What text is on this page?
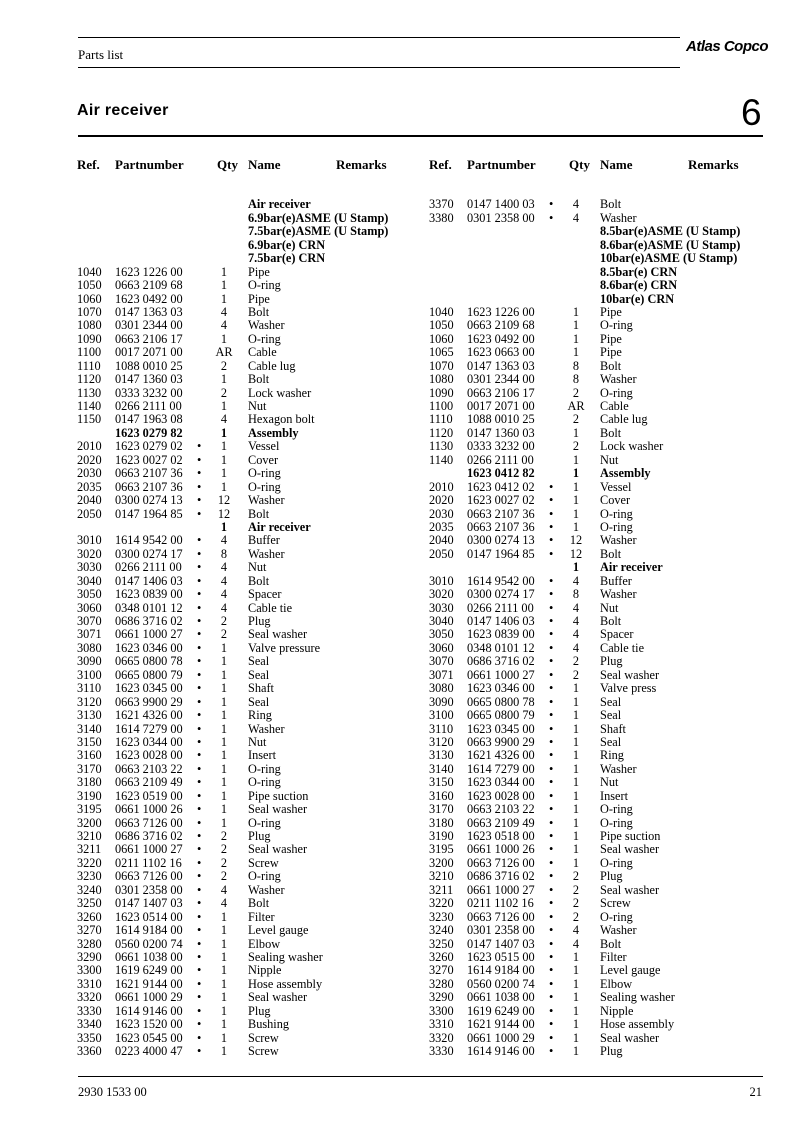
Parts list	Atlas Copco
Air receiver	6
Ref. Partnumber	Qty Name	Remarks
Air receiver
6.9bar(e)ASME (U Stamp)
7.5bar(e)ASME (U Stamp)
6.9bar(e) CRN
7.5bar(e) CRN
1040 1623 1226 00	1	Pipe
1050 0663 2109 68	1	O-ring
1060 1623 0492 00	1	Pipe
1070 0147 1363 03	4	Bolt
1080 0301 2344 00	4	Washer
1090 0663 2106 17	1	O-ring
1100 0017 2071 00	AR Cable
1110 1088 0010 25	2	Cable lug
1120 0147 1360 03	1	Bolt
1130 0333 3232 00	2	Lock washer
1140 0266 2111 00	1	Nut
1150 0147 1963 08	4	Hexagon bolt
1623 0279 82	1	Assembly
2010 1623 0279 02 •	1	Vessel
2020 1623 0027 02 •	1	Cover
2030 0663 2107 36 •	1	O-ring
2035 0663 2107 36 •	1	O-ring
2040 0300 0274 13 •	12	Washer
2050 0147 1964 85 •	12	Bolt
1	Air receiver
3010 1614 9542 00 •	4	Buffer
3020 0300 0274 17 •	8	Washer
3030 0266 2111 00 •	4	Nut
3040 0147 1406 03 •	4	Bolt
3050 1623 0839 00 •	4	Spacer
3060 0348 0101 12 •	4	Cable tie
3070 0686 3716 02 •	2	Plug
3071 0661 1000 27 •	2	Seal washer
3080 1623 0346 00 •	1	Valve pressure
3090 0665 0800 78 •	1	Seal
3100 0665 0800 79 •	1	Seal
3110 1623 0345 00 •	1	Shaft
3120 0663 9900 29 •	1	Seal
3130 1621 4326 00 •	1	Ring
3140 1614 7279 00 •	1	Washer
3150 1623 0344 00 •	1	Nut
3160 1623 0028 00 •	1	Insert
3170 0663 2103 22 •	1	O-ring
3180 0663 2109 49 •	1	O-ring
3190 1623 0519 00 •	1	Pipe suction
3195 0661 1000 26 •	1	Seal washer
3200 0663 7126 00 •	1	O-ring
3210 0686 3716 02 •	2	Plug
3211 0661 1000 27 •	2	Seal washer
3220 0211 1102 16 •	2	Screw
3230 0663 7126 00 •	2	O-ring
3240 0301 2358 00 •	4	Washer
3250 0147 1407 03 •	4	Bolt
3260 1623 0514 00 •	1	Filter
3270 1614 9184 00 •	1	Level gauge
3280 0560 0200 74 •	1	Elbow
3290 0661 1038 00 •	1	Sealing washer
3300 1619 6249 00 •	1	Nipple
3310 1621 9144 00 •	1	Hose assembly
3320 0661 1000 29 •	1	Seal washer
3330 1614 9146 00 •	1	Plug
3340 1623 1520 00 •	1	Bushing
3350 1623 0545 00 •	1	Screw
3360 0223 4000 47 •	1	Screw
Ref. Partnumber	Qty Name	Remarks
3370 0147 1400 03 •	4	Bolt
3380 0301 2358 00 •	4	Washer
8.5bar(e)ASME (U Stamp)
8.6bar(e)ASME (U Stamp)
10bar(e)ASME (U Stamp)
8.5bar(e) CRN
8.6bar(e) CRN
10bar(e) CRN
1040 1623 1226 00	1	Pipe
1050 0663 2109 68	1	O-ring
1060 1623 0492 00	1	Pipe
1065 1623 0663 00	1	Pipe
1070 0147 1363 03	8	Bolt
1080 0301 2344 00	8	Washer
1090 0663 2106 17	2	O-ring
1100 0017 2071 00	AR Cable
1110 1088 0010 25	2	Cable lug
1120 0147 1360 03	1	Bolt
1130 0333 3232 00	2	Lock washer
1140 0266 2111 00	1	Nut
1623 0412 82	1	Assembly
2010 1623 0412 02 •	1	Vessel
2020 1623 0027 02 •	1	Cover
2030 0663 2107 36 •	1	O-ring
2035 0663 2107 36 •	1	O-ring
2040 0300 0274 13 •	12	Washer
2050 0147 1964 85 •	12	Bolt
1	Air receiver
3010 1614 9542 00 •	4	Buffer
3020 0300 0274 17 •	8	Washer
3030 0266 2111 00 •	4	Nut
3040 0147 1406 03 •	4	Bolt
3050 1623 0839 00 •	4	Spacer
3060 0348 0101 12 •	4	Cable tie
3070 0686 3716 02 •	2	Plug
3071 0661 1000 27 •	2	Seal washer
3080 1623 0346 00 •	1	Valve press
3090 0665 0800 78 •	1	Seal
3100 0665 0800 79 •	1	Seal
3110 1623 0345 00 •	1	Shaft
3120 0663 9900 29 •	1	Seal
3130 1621 4326 00 •	1	Ring
3140 1614 7279 00 •	1	Washer
3150 1623 0344 00 •	1	Nut
3160 1623 0028 00 •	1	Insert
3170 0663 2103 22 •	1	O-ring
3180 0663 2109 49 •	1	O-ring
3190 1623 0518 00 •	1	Pipe suction
3195 0661 1000 26 •	1	Seal washer
3200 0663 7126 00 •	1	O-ring
3210 0686 3716 02 •	2	Plug
3211 0661 1000 27 •	2	Seal washer
3220 0211 1102 16 •	2	Screw
3230 0663 7126 00 •	2	O-ring
3240 0301 2358 00 •	4	Washer
3250 0147 1407 03 •	4	Bolt
3260 1623 0515 00 •	1	Filter
3270 1614 9184 00 •	1	Level gauge
3280 0560 0200 74 •	1	Elbow
3290 0661 1038 00 •	1	Sealing washer
3300 1619 6249 00 •	1	Nipple
3310 1621 9144 00 •	1	Hose assembly
3320 0661 1000 29 •	1	Seal washer
3330 1614 9146 00 •	1	Plug
2930 1533 00	21
